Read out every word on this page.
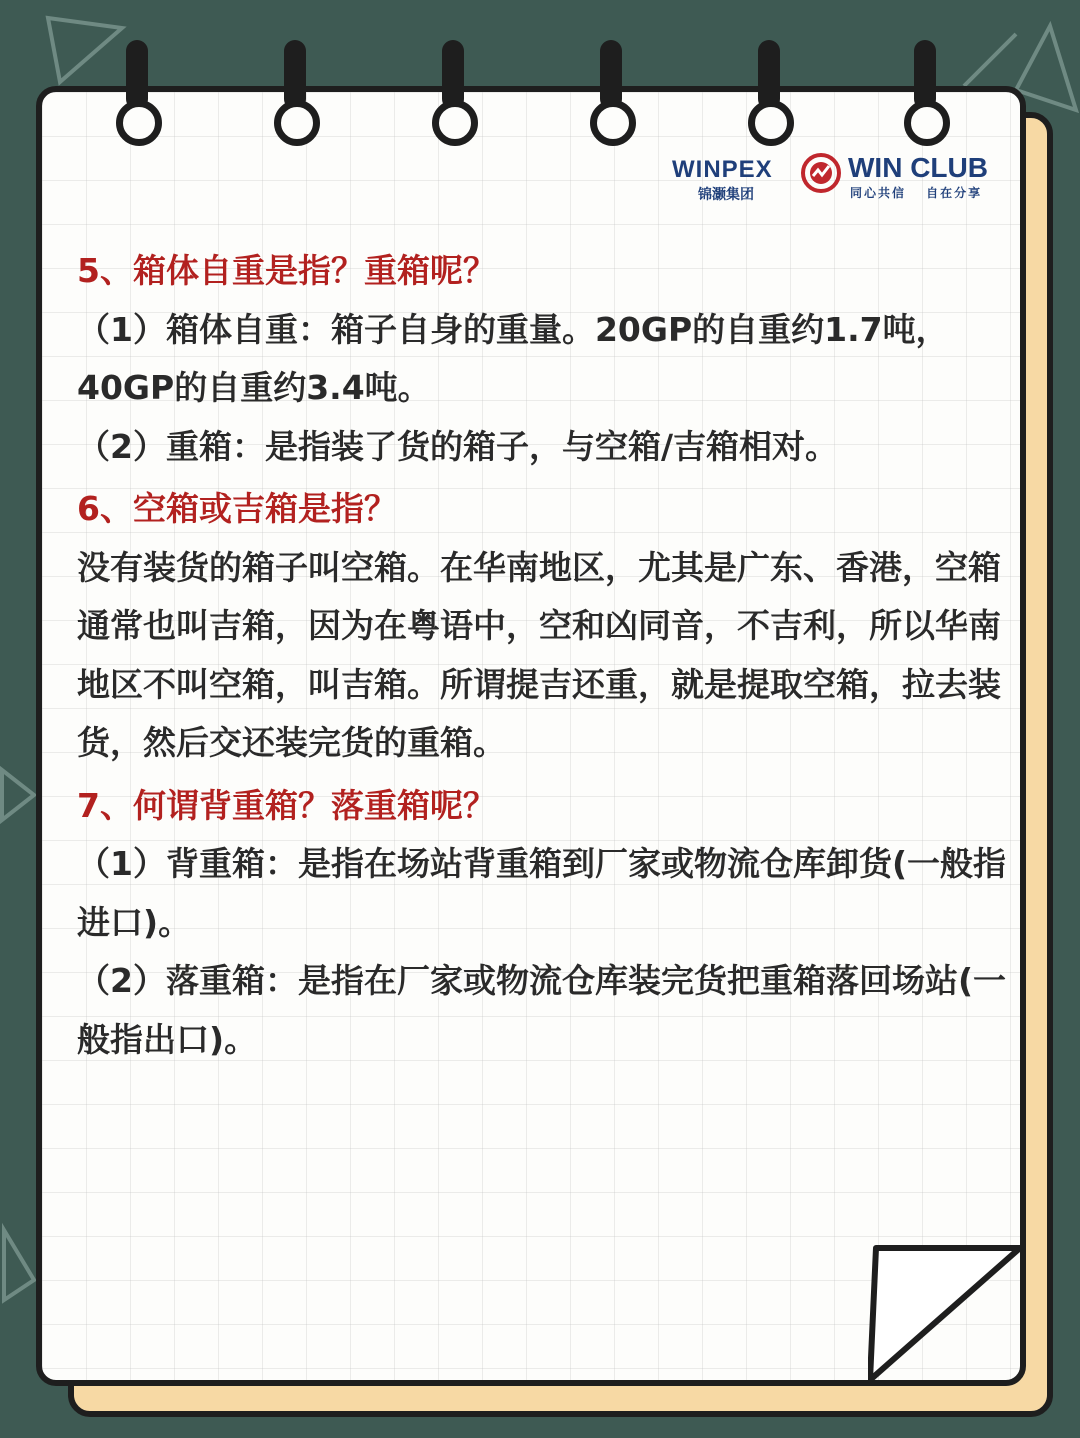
WINPEX
锦灏集团
WIN CLUB
同心共信 自在分享

5、箱体自重是指？重箱呢？

（1）箱体自重：箱子自身的重量。20GP的自重约1.7吨，40GP的自重约3.4吨。

（2）重箱：是指装了货的箱子，与空箱/吉箱相对。

6、空箱或吉箱是指？

没有装货的箱子叫空箱。在华南地区，尤其是广东、香港，空箱通常也叫吉箱，因为在粤语中，空和凶同音，不吉利，所以华南地区不叫空箱，叫吉箱。所谓提吉还重，就是提取空箱，拉去装货，然后交还装完货的重箱。

7、何谓背重箱？落重箱呢？

（1）背重箱：是指在场站背重箱到厂家或物流仓库卸货(一般指进口)。

（2）落重箱：是指在厂家或物流仓库装完货把重箱落回场站(一般指出口)。
